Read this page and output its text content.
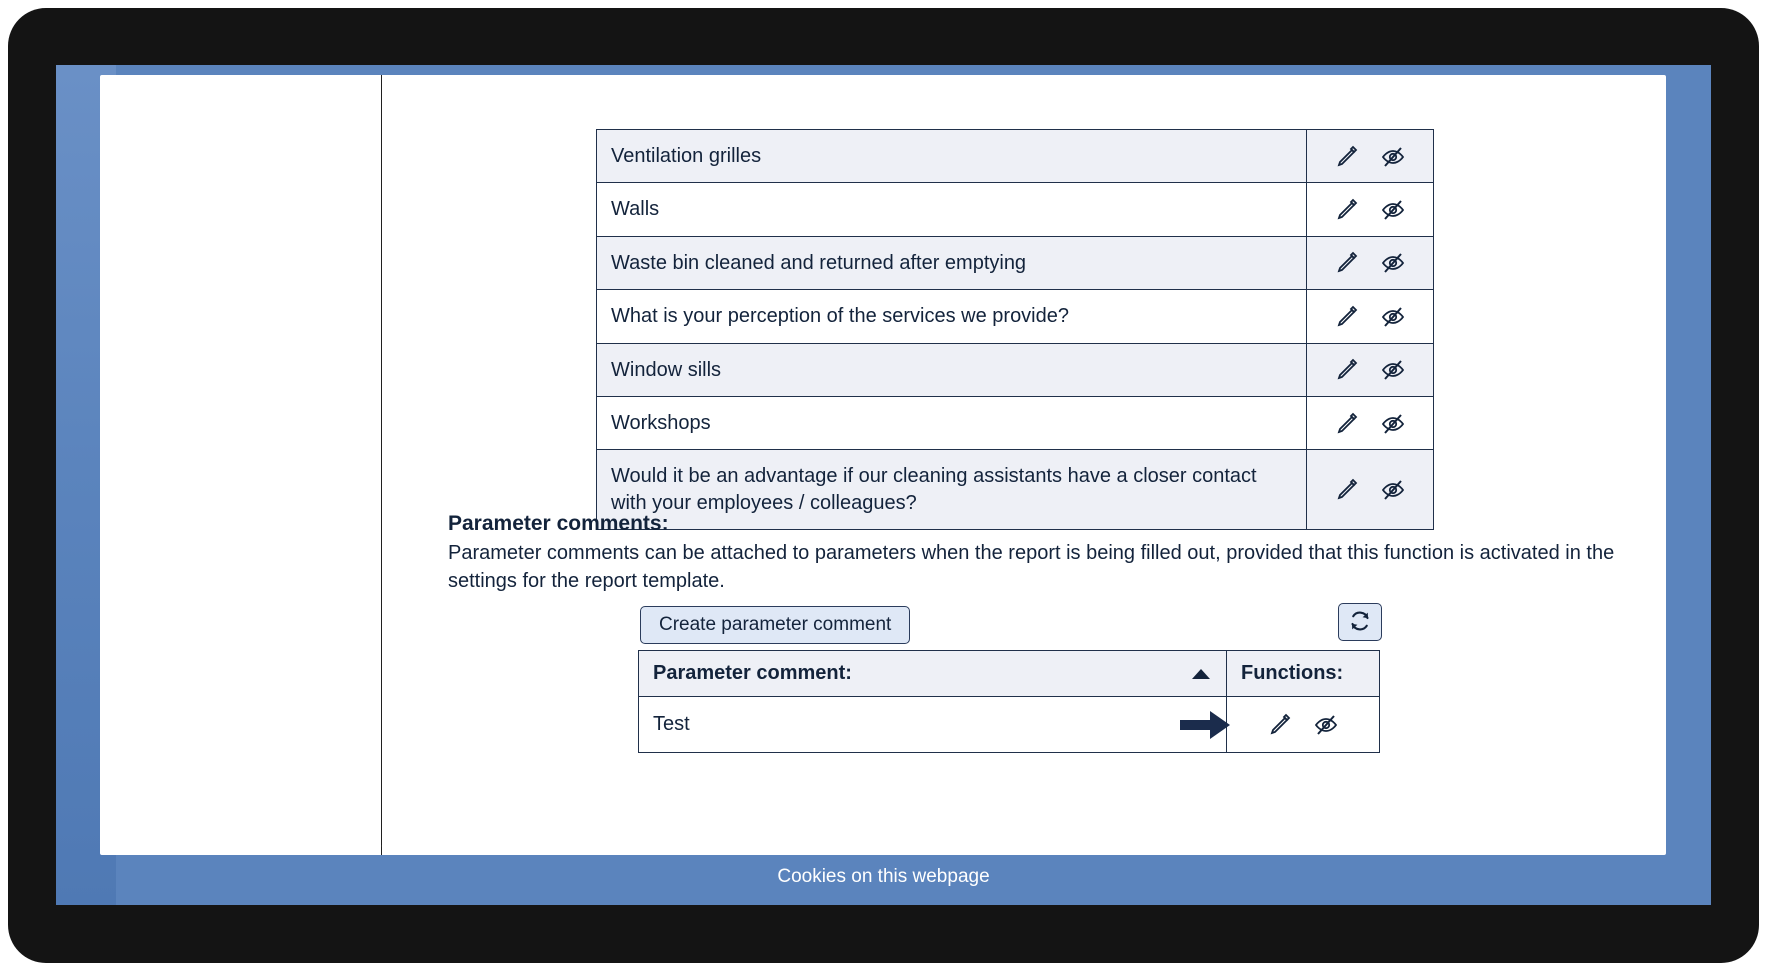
Ventilation grilles	

Walls	

Waste bin cleaned and returned after emptying	

What is your perception of the services we provide?	

Window sills	

Workshops	

Would it be an advantage if our cleaning assistants have a closer contact with your employees / colleagues?	

Parameter comments:
Parameter comments can be attached to parameters when the report is being filled out, provided that this function is activated in the settings for the report template.
Create parameter comment
Parameter comment:	Functions:
Test

© Copyright 2009-2023 CleanManager ApS - CI no.: DK39230992 - Holkebjergvej 74, 5250 Odense SV - Phone no.: +44 330 818 3119 - E-mail: support@cleanmanager.uk
Cookies on this webpage
